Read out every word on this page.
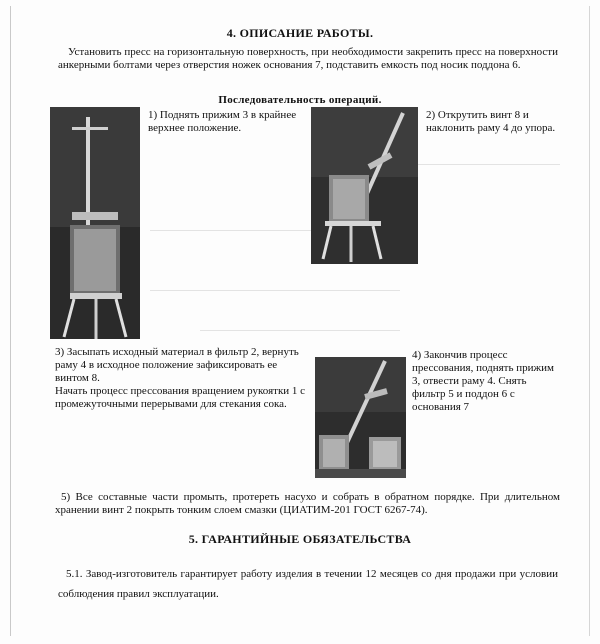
4. ОПИСАНИЕ РАБОТЫ.
Установить пресс на горизонтальную поверхность, при необходимости закрепить пресс на поверхности анкерными болтами через отверстия ножек основания 7, подставить емкость под носик поддона 6.
Последовательность операций.
1) Поднять прижим 3 в крайнее верхнее положение.
2) Открутить винт 8 и наклонить раму 4 до упора.
3) Засыпать исходный материал в фильтр 2, вернуть раму 4 в исходное положение зафиксировать ее винтом 8.
Начать процесс прессования вращением рукоятки 1 с промежуточными перерывами для стекания сока.
4) Закончив процесс прессования, поднять прижим 3, отвести раму 4. Снять фильтр 5 и поддон 6 с основания 7
5) Все составные части промыть, протереть насухо и собрать в обратном порядке. При длительном хранении винт 2 покрыть тонким слоем смазки (ЦИАТИМ-201 ГОСТ 6267-74).
5. ГАРАНТИЙНЫЕ ОБЯЗАТЕЛЬСТВА
5.1. Завод-изготовитель гарантирует работу изделия в течении 12 месяцев со дня продажи при условии соблюдения правил эксплуатации.
